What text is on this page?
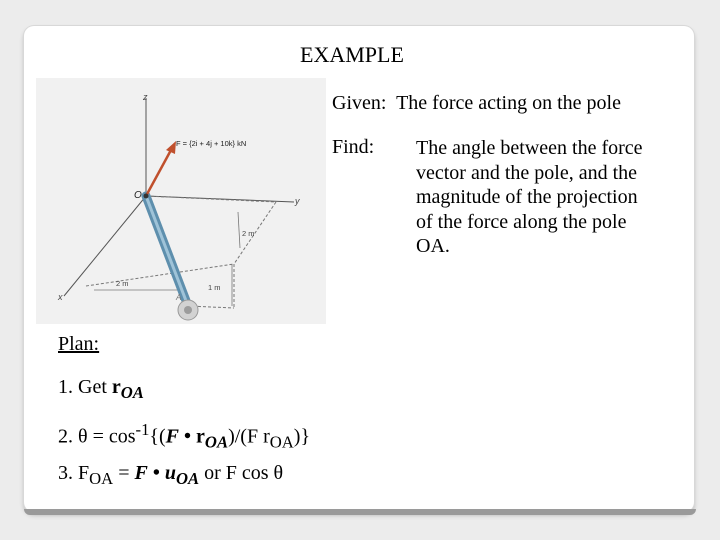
EXAMPLE
Given: The force acting on the pole
Find: The angle between the force
vector and the pole, and the
magnitude of the projection
of the force along the pole
OA.
F = {2i + 4j + 10k} kN
z
y
x
O
A
2 m
2 m	1 m
Plan:
1. Get $r_{OA}$
2. $\theta = \cos^{-1}\{(F$ • $r_{OA})/(F$ $r_{OA}$)}
3. $F_{OA} = F$ • $u_{OA}$ or F cos θ
